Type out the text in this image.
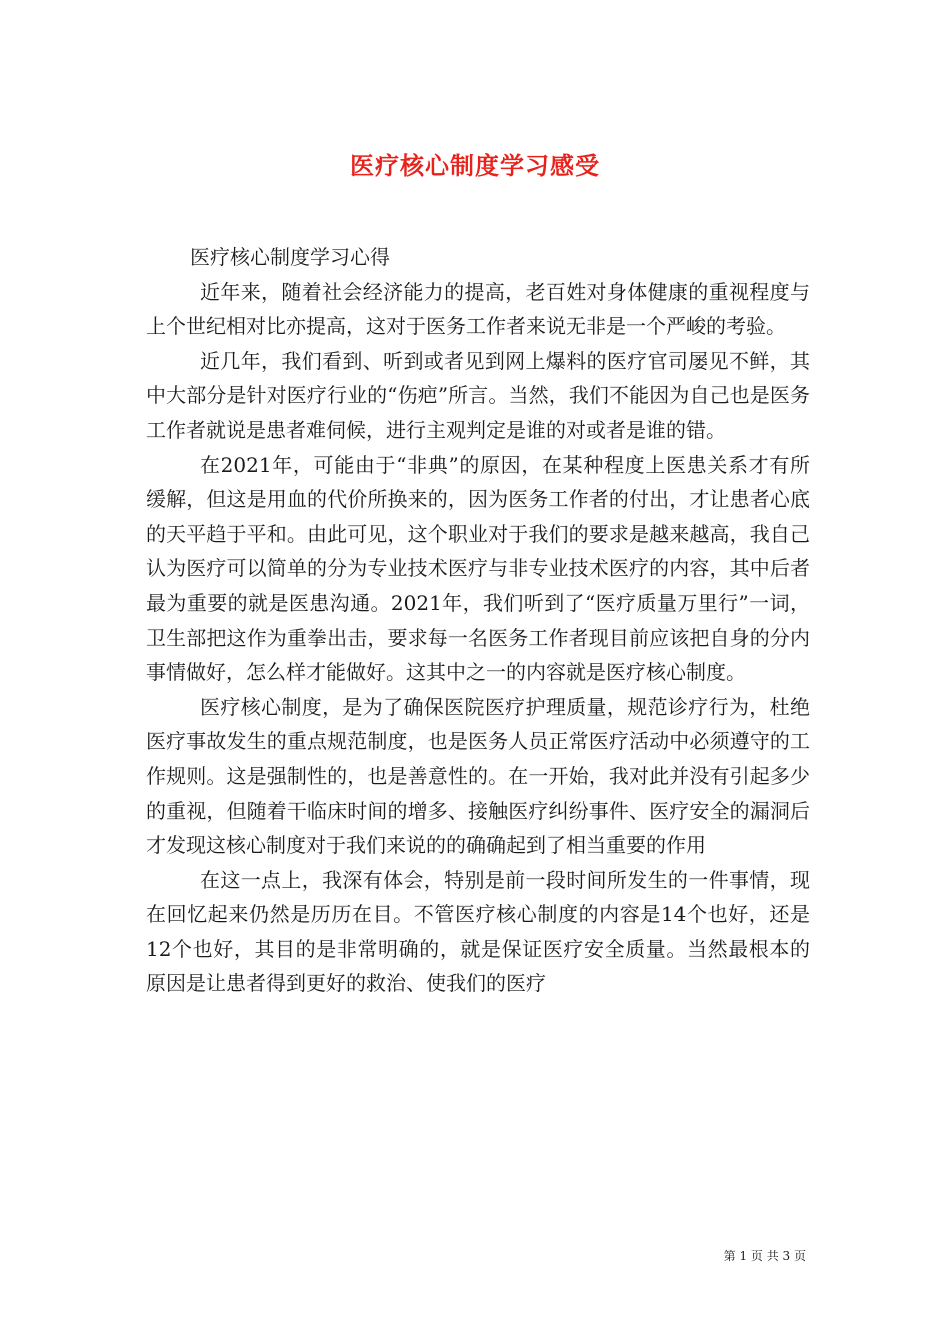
医疗核心制度学习感受

医疗核心制度学习心得

近年来，随着社会经济能力的提高，老百姓对身体健康的重视程度与上个世纪相对比亦提高，这对于医务工作者来说无非是一个严峻的考验。

近几年，我们看到、听到或者见到网上爆料的医疗官司屡见不鲜，其中大部分是针对医疗行业的“伤疤”所言。当然，我们不能因为自己也是医务工作者就说是患者难伺候，进行主观判定是谁的对或者是谁的错。

在2021年，可能由于“非典”的原因，在某种程度上医患关系才有所缓解，但这是用血的代价所换来的，因为医务工作者的付出，才让患者心底的天平趋于平和。由此可见，这个职业对于我们的要求是越来越高，我自己认为医疗可以简单的分为专业技术医疗与非专业技术医疗的内容，其中后者最为重要的就是医患沟通。2021年，我们听到了“医疗质量万里行”一词，卫生部把这作为重拳出击，要求每一名医务工作者现目前应该把自身的分内事情做好，怎么样才能做好。这其中之一的内容就是医疗核心制度。

医疗核心制度，是为了确保医院医疗护理质量，规范诊疗行为，杜绝医疗事故发生的重点规范制度，也是医务人员正常医疗活动中必须遵守的工作规则。这是强制性的，也是善意性的。在一开始，我对此并没有引起多少的重视，但随着干临床时间的增多、接触医疗纠纷事件、医疗安全的漏洞后才发现这核心制度对于我们来说的的确确起到了相当重要的作用

在这一点上，我深有体会，特别是前一段时间所发生的一件事情，现在回忆起来仍然是历历在目。不管医疗核心制度的内容是14个也好，还是12个也好，其目的是非常明确的，就是保证医疗安全质量。当然最根本的原因是让患者得到更好的救治、使我们的医疗

第 1 页 共 3 页
